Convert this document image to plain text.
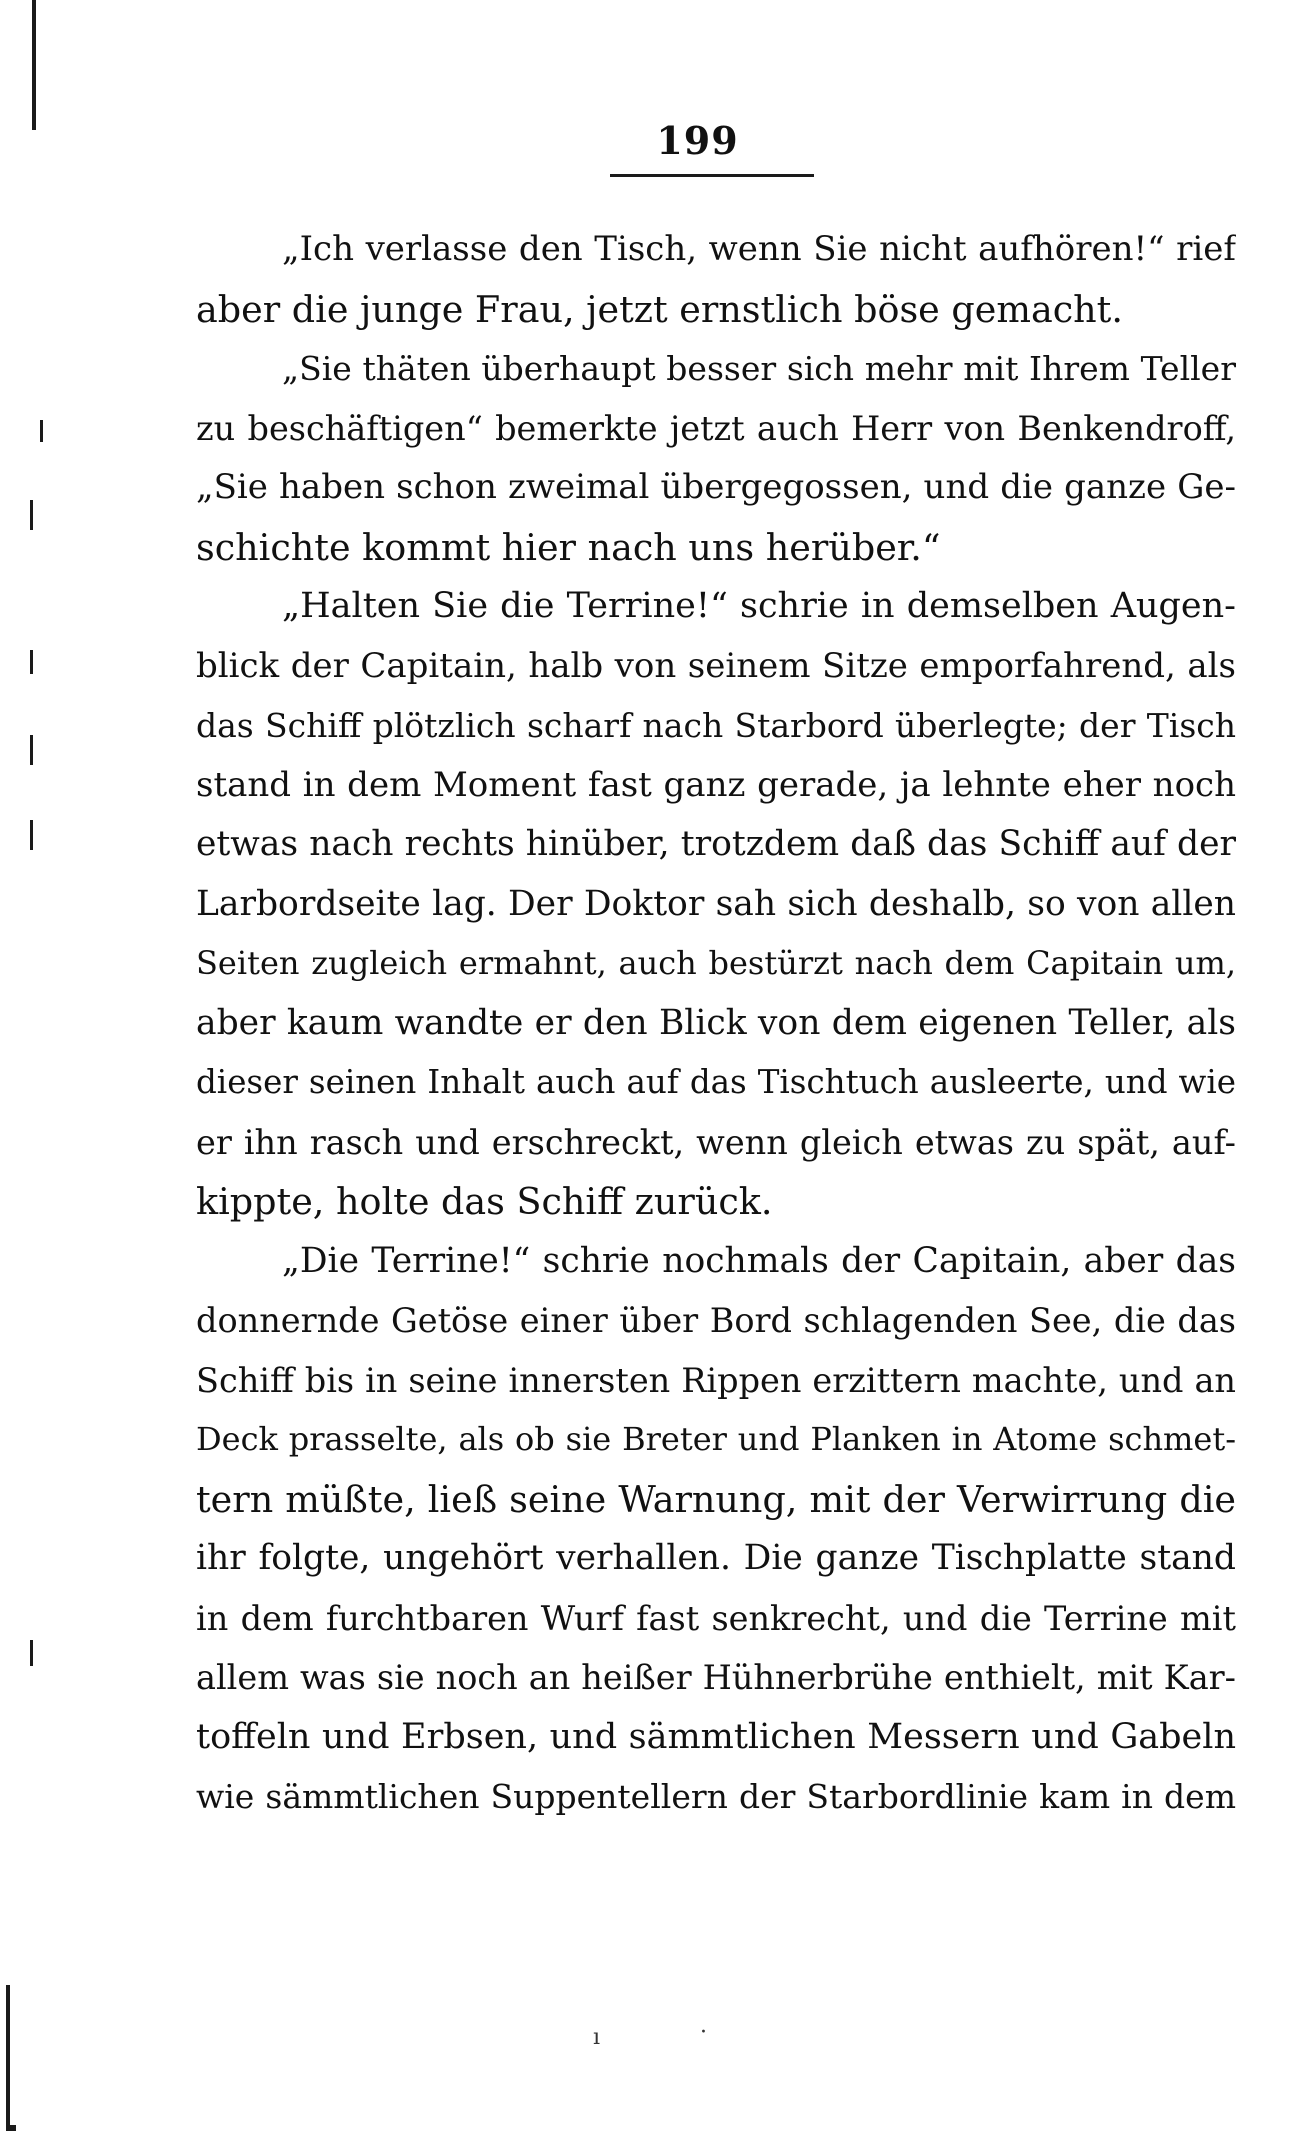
199
„Ich verlasse den Tisch, wenn Sie nicht aufhören!“ rief
aber die junge Frau, jetzt ernstlich böse gemacht.
„Sie thäten überhaupt besser sich mehr mit Ihrem Teller
zu beschäftigen“ bemerkte jetzt auch Herr von Benkendroff,
„Sie haben schon zweimal übergegossen, und die ganze Ge-
schichte kommt hier nach uns herüber.“
„Halten Sie die Terrine!“ schrie in demselben Augen-
blick der Capitain, halb von seinem Sitze emporfahrend, als
das Schiff plötzlich scharf nach Starbord überlegte; der Tisch
stand in dem Moment fast ganz gerade, ja lehnte eher noch
etwas nach rechts hinüber, trotzdem daß das Schiff auf der
Larbordseite lag. Der Doktor sah sich deshalb, so von allen
Seiten zugleich ermahnt, auch bestürzt nach dem Capitain um,
aber kaum wandte er den Blick von dem eigenen Teller, als
dieser seinen Inhalt auch auf das Tischtuch ausleerte, und wie
er ihn rasch und erschreckt, wenn gleich etwas zu spät, auf-
kippte, holte das Schiff zurück.
„Die Terrine!“ schrie nochmals der Capitain, aber das
donnernde Getöse einer über Bord schlagenden See, die das
Schiff bis in seine innersten Rippen erzittern machte, und an
Deck prasselte, als ob sie Breter und Planken in Atome schmet-
tern müßte, ließ seine Warnung, mit der Verwirrung die
ihr folgte, ungehört verhallen. Die ganze Tischplatte stand
in dem furchtbaren Wurf fast senkrecht, und die Terrine mit
allem was sie noch an heißer Hühnerbrühe enthielt, mit Kar-
toffeln und Erbsen, und sämmtlichen Messern und Gabeln
wie sämmtlichen Suppentellern der Starbordlinie kam in dem
ı	·
